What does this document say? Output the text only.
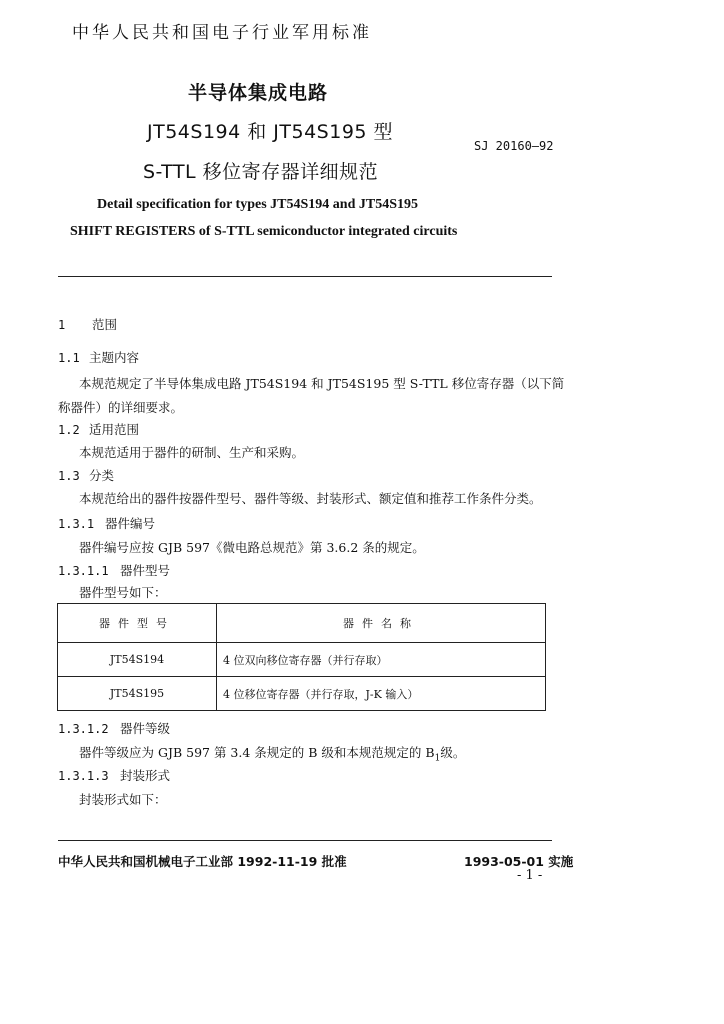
中华人民共和国电子行业军用标准
半导体集成电路
JT54S194 和 JT54S195 型
S-TTL 移位寄存器详细规范
SJ 20160—92
Detail specification for types JT54S194 and JT54S195
SHIFT REGISTERS of S-TTL semiconductor integrated circuits
1 范围
1.1 主题内容
本规范规定了半导体集成电路 JT54S194 和 JT54S195 型 S-TTL 移位寄存器（以下简
称器件）的详细要求。
1.2 适用范围
本规范适用于器件的研制、生产和采购。
1.3 分类
本规范给出的器件按器件型号、器件等级、封装形式、额定值和推荐工作条件分类。
1.3.1 器件编号
器件编号应按 GJB 597《微电路总规范》第 3.6.2 条的规定。
1.3.1.1 器件型号
器件型号如下：
器件型号	器件名称
JT54S194	4 位双向移位寄存器（并行存取）
JT54S195	4 位移位寄存器（并行存取，J-K 输入）
1.3.1.2 器件等级
器件等级应为 GJB 597 第 3.4 条规定的 B 级和本规范规定的 $B_1$级。
1.3.1.3 封装形式
封装形式如下：
中华人民共和国机械电子工业部 1992-11-19 批准	1993-05-01 实施
- 1 -
